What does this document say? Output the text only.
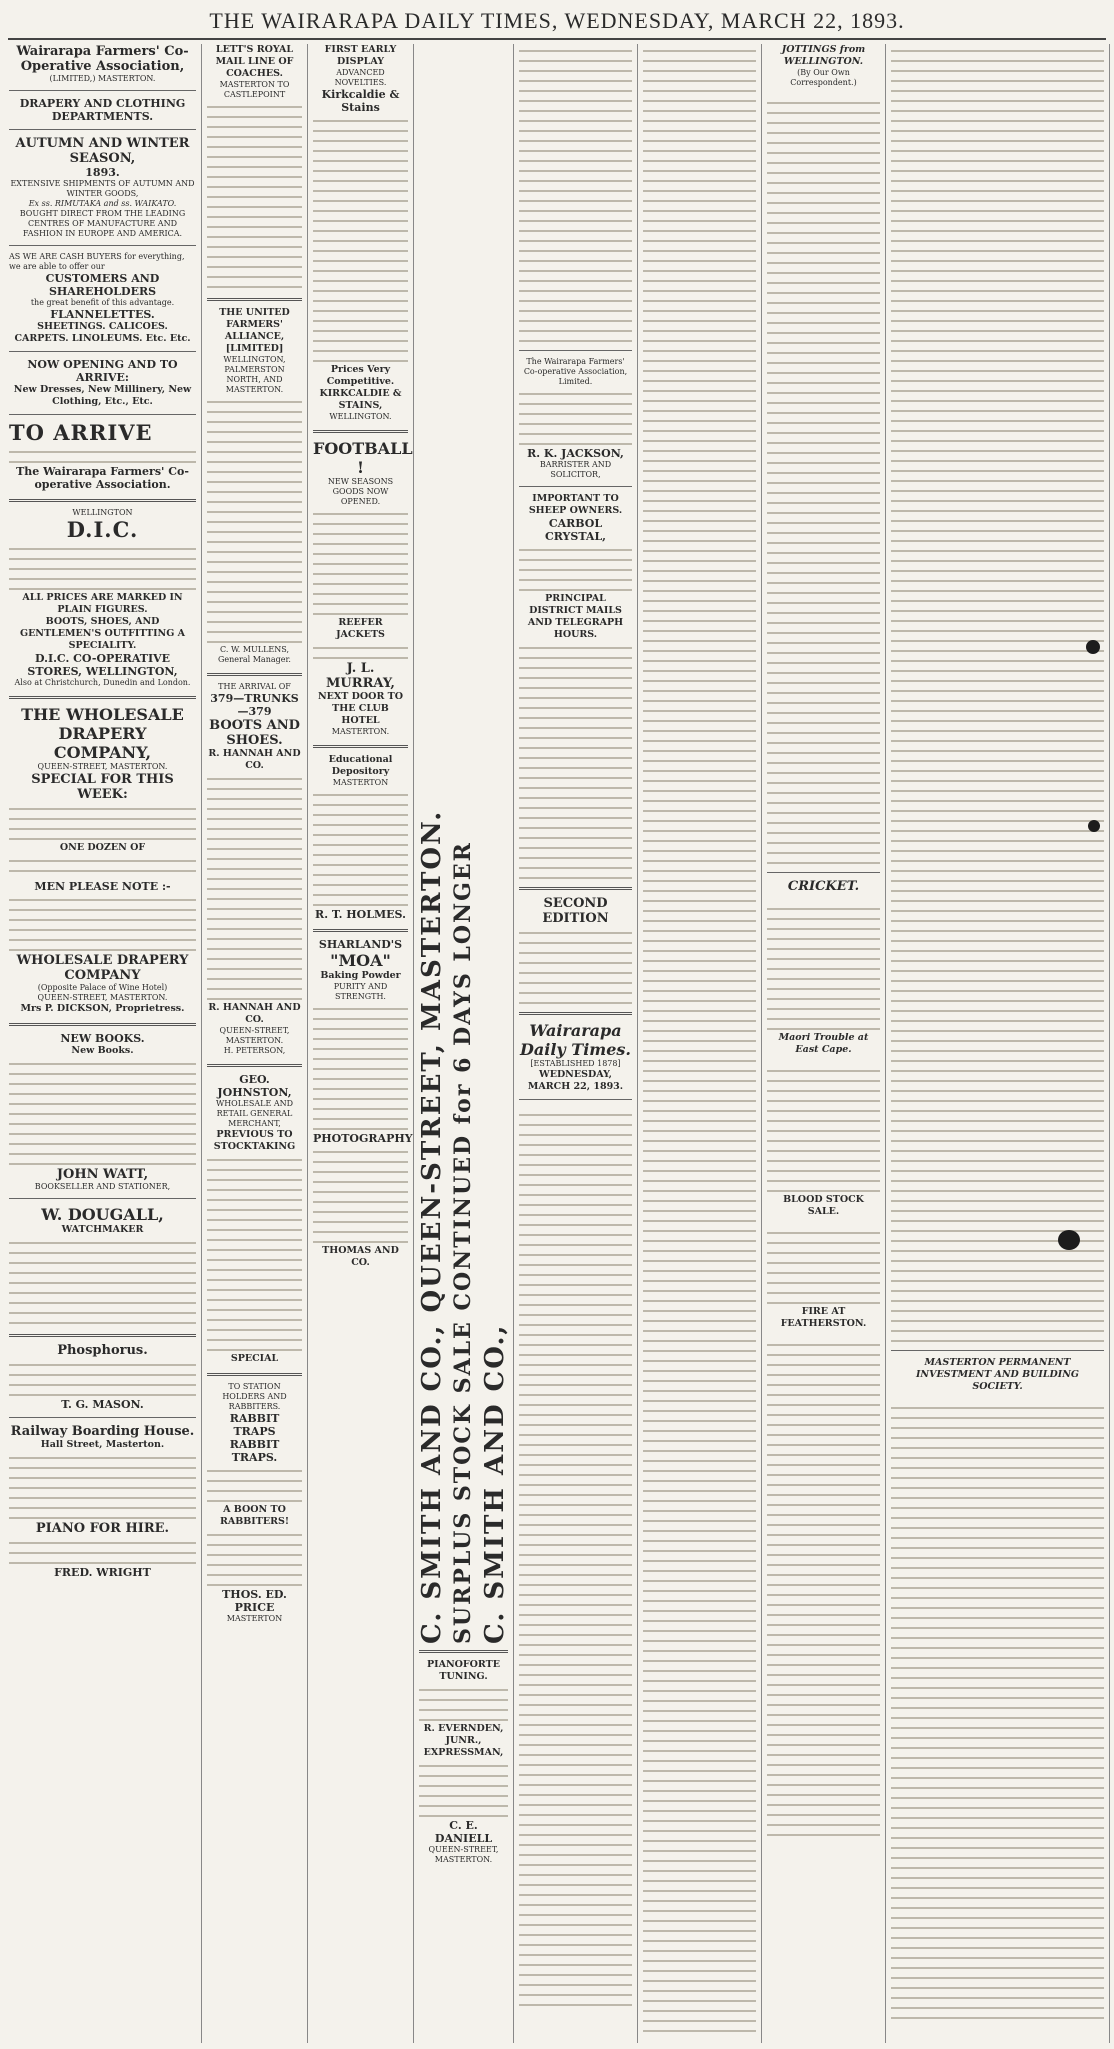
THE WAIRARAPA DAILY TIMES, WEDNESDAY, MARCH 22, 1893.
Wairarapa Farmers' Co-Operative Association,
(LIMITED,) MASTERTON.
DRAPERY AND CLOTHING DEPARTMENTS.
AUTUMN AND WINTER SEASON,
1893.
EXTENSIVE SHIPMENTS OF AUTUMN AND WINTER GOODS,
Ex ss. RIMUTAKA and ss. WAIKATO.
BOUGHT DIRECT FROM THE LEADING CENTRES OF MANUFACTURE AND FASHION IN EUROPE AND AMERICA.
AS WE ARE CASH BUYERS for everything, we are able to offer our
CUSTOMERS AND SHAREHOLDERS
the great benefit of this advantage.
FLANNELETTES.
SHEETINGS. CALICOES.
CARPETS. LINOLEUMS. Etc. Etc.
NOW OPENING AND TO ARRIVE:
New Dresses, New Millinery, New Clothing, Etc., Etc.
TO ARRIVE
The Wairarapa Farmers' Co-operative Association.
WELLINGTON
D.I.C.
ALL PRICES ARE MARKED IN PLAIN FIGURES.
BOOTS, SHOES, AND GENTLEMEN'S OUTFITTING A SPECIALITY.
D.I.C. CO-OPERATIVE STORES, WELLINGTON,
Also at Christchurch, Dunedin and London.
THE WHOLESALE DRAPERY COMPANY,
QUEEN-STREET, MASTERTON.
SPECIAL FOR THIS WEEK:
ONE DOZEN OF
MEN PLEASE NOTE :-
WHOLESALE DRAPERY COMPANY
(Opposite Palace of Wine Hotel)
QUEEN-STREET, MASTERTON.
Mrs P. DICKSON, Proprietress.
NEW BOOKS.
New Books.
JOHN WATT,
BOOKSELLER AND STATIONER,
W. DOUGALL,
WATCHMAKER
Phosphorus.
T. G. MASON.
Railway Boarding House.
Hall Street, Masterton.
PIANO FOR HIRE.
FRED. WRIGHT
LETT'S ROYAL MAIL LINE OF COACHES.
MASTERTON TO CASTLEPOINT
THE UNITED FARMERS' ALLIANCE, [LIMITED]
WELLINGTON, PALMERSTON NORTH, AND MASTERTON.
C. W. MULLENS,
General Manager.
THE ARRIVAL OF
379—TRUNKS—379
BOOTS AND SHOES.
R. HANNAH AND CO.
R. HANNAH AND CO.
QUEEN-STREET, MASTERTON.
H. PETERSON,
GEO. JOHNSTON,
WHOLESALE AND RETAIL GENERAL MERCHANT,
PREVIOUS TO STOCKTAKING
SPECIAL
TO STATION HOLDERS AND RABBITERS.
RABBIT TRAPS
RABBIT TRAPS.
A BOON TO RABBITERS!
THOS. ED. PRICE
MASTERTON
FIRST EARLY DISPLAY
ADVANCED NOVELTIES.
Kirkcaldie & Stains
Prices Very Competitive.
KIRKCALDIE & STAINS,
WELLINGTON.
FOOTBALL !
NEW SEASONS GOODS NOW OPENED.
REEFER JACKETS
J. L. MURRAY,
NEXT DOOR TO THE CLUB HOTEL
MASTERTON.
Educational Depository
MASTERTON
R. T. HOLMES.
SHARLAND'S
"MOA"
Baking Powder
PURITY AND STRENGTH.
PHOTOGRAPHY
THOMAS AND CO.	C. SMITH AND CO., QUEEN-STREET, MASTERTON. SURPLUS STOCK SALE CONTINUED for 6 DAYS LONGER C. SMITH AND CO.,
PIANOFORTE TUNING.
R. EVERNDEN, JUNR.,
EXPRESSMAN,
C. E. DANIELL
QUEEN-STREET,
MASTERTON.
The Wairarapa Farmers' Co-operative Association, Limited.
R. K. JACKSON,
BARRISTER AND SOLICITOR,
IMPORTANT TO SHEEP OWNERS.
CARBOL CRYSTAL,
PRINCIPAL DISTRICT MAILS AND TELEGRAPH HOURS.
SECOND EDITION
Wairarapa Daily Times.
[ESTABLISHED 1878]
WEDNESDAY, MARCH 22, 1893.
JOTTINGS from WELLINGTON.
(By Our Own Correspondent.)
CRICKET.
Maori Trouble at East Cape.
BLOOD STOCK SALE.
FIRE AT FEATHERSTON.
MASTERTON PERMANENT INVESTMENT AND BUILDING SOCIETY.
